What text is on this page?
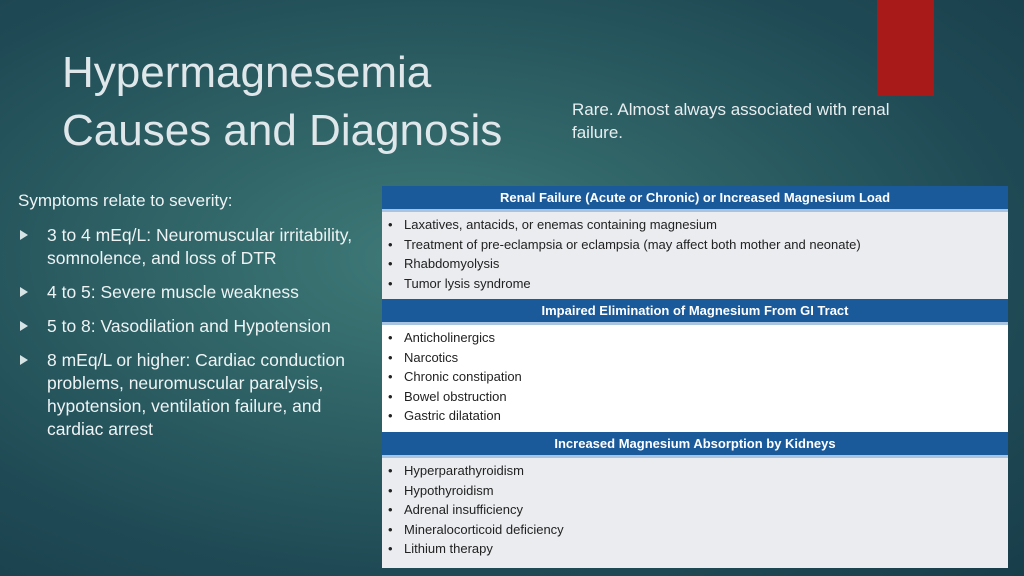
Hypermagnesemia
Causes and Diagnosis	Rare. Almost always associated with renal failure.
Symptoms relate to severity:
3 to 4 mEq/L: Neuromuscular irritability, somnolence, and loss of DTR
4 to 5: Severe muscle weakness
5 to 8: Vasodilation and Hypotension
8 mEq/L or higher: Cardiac conduction problems, neuromuscular paralysis, hypotension, ventilation failure, and cardiac arrest
Renal Failure (Acute or Chronic) or Increased Magnesium Load
• Laxatives, antacids, or enemas containing magnesium
• Treatment of pre-eclampsia or eclampsia (may affect both mother and neonate)
• Rhabdomyolysis
• Tumor lysis syndrome
Impaired Elimination of Magnesium From GI Tract
• Anticholinergics
• Narcotics
• Chronic constipation
• Bowel obstruction
• Gastric dilatation
Increased Magnesium Absorption by Kidneys
• Hyperparathyroidism
• Hypothyroidism
• Adrenal insufficiency
• Mineralocorticoid deficiency
• Lithium therapy
